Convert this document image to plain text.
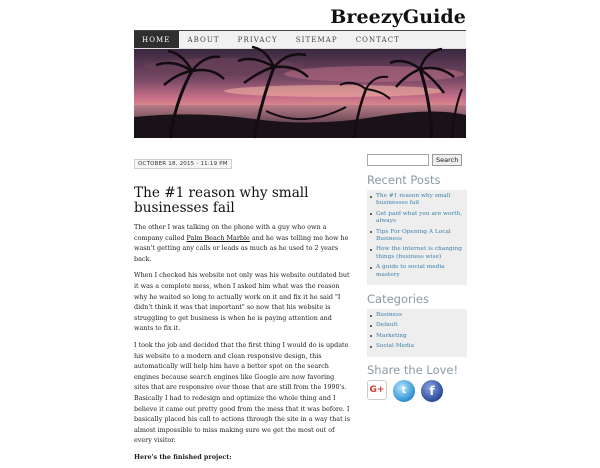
BreezyGuide
HOME	ABOUT	PRIVACY	SITEMAP	CONTACT
OCTOBER 18, 2015 - 11:19 PM
The #1 reason why small businesses fail

The other I was talking on the phone with a guy who own a company called Palm Beach Marble and he was telling me how he wasn't getting any calls or leads as much as he used to 2 years back.

When I checked his website not only was his website outdated but it was a complete mess, when I asked him what was the reason why he waited so long to actually work on it and fix it he said "I didn't think it was that important" so now that his website is struggling to get business is when he is paying attention and wants to fix it.

I took the job and decided that the first thing I would do is update his website to a modern and clean responsive design, this automatically will help him have a better spot on the search engines because search engines like Google are now favoring sites that are responsive over those that are still from the 1990's. Basically I had to redesign and optimize the whole thing and I believe it came out pretty good from the mess that it was before. I basically placed his call to actions through the site in a way that is almost impossible to miss making sure we get the most out of every visitor.

Here's the finished project:

Search
Recent Posts
The #1 reason why small businesses fail
Get paid what you are worth, always
Tips For Opening A Local Business
How the internet is changing things (business wise)
A guide to social media mastery
Categories
Business
Default
Marketing
Social Media
Share the Love!
G+	t	f
